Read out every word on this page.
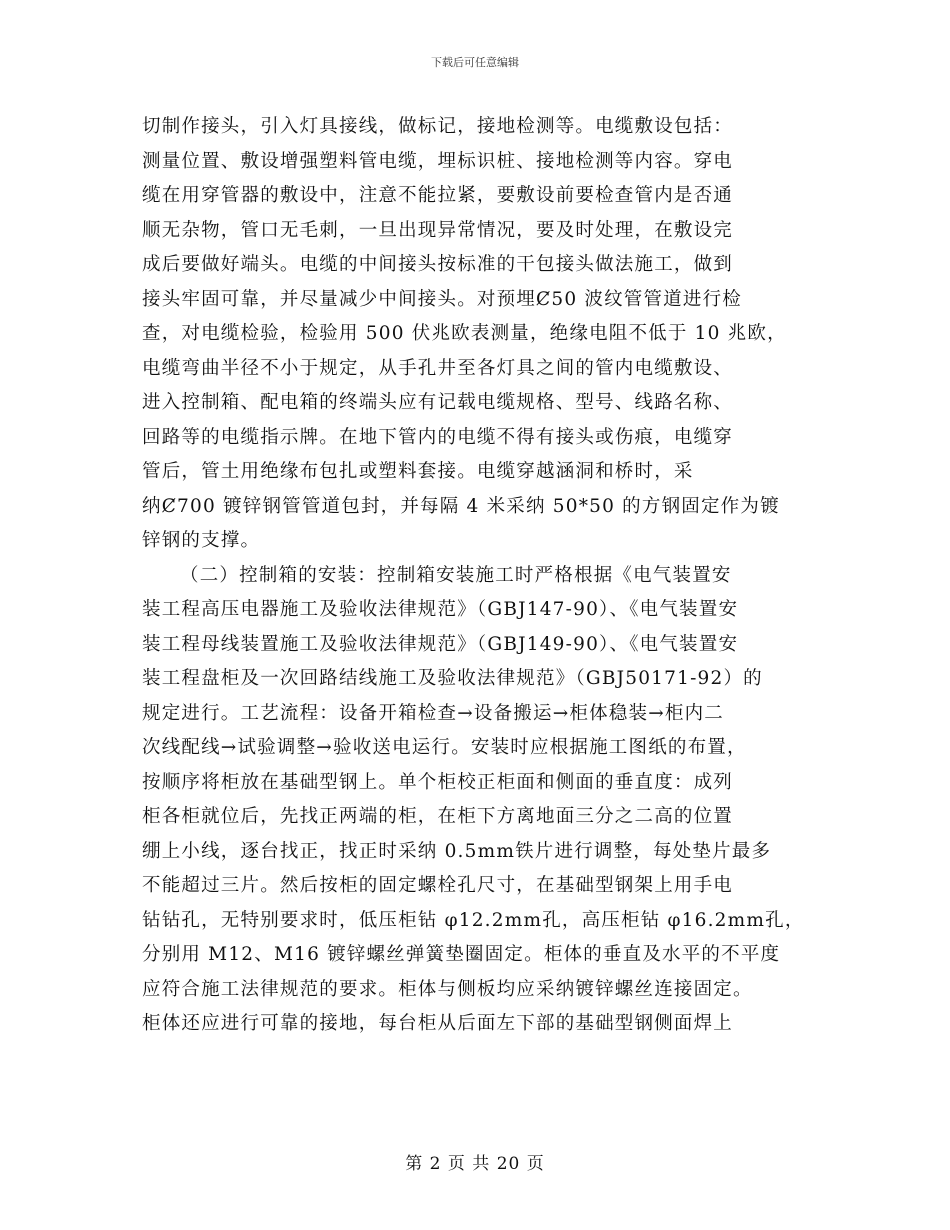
下载后可任意编辑
切制作接头，引入灯具接线，做标记，接地检测等。电缆敷设包括：
测量位置、敷设增强塑料管电缆，埋标识桩、接地检测等内容。穿电
缆在用穿管器的敷设中，注意不能拉紧，要敷设前要检查管内是否通
顺无杂物，管口无毛刺，一旦出现异常情况，要及时处理，在敷设完
成后要做好端头。电缆的中间接头按标准的干包接头做法施工，做到
接头牢固可靠，并尽量减少中间接头。对预埋Ȼ50 波纹管管道进行检
查，对电缆检验，检验用 500 伏兆欧表测量，绝缘电阻不低于 10 兆欧，
电缆弯曲半径不小于规定，从手孔井至各灯具之间的管内电缆敷设、
进入控制箱、配电箱的终端头应有记载电缆规格、型号、线路名称、
回路等的电缆指示牌。在地下管内的电缆不得有接头或伤痕，电缆穿
管后，管土用绝缘布包扎或塑料套接。电缆穿越涵洞和桥时，采
纳Ȼ700 镀锌钢管管道包封，并每隔 4 米采纳 50*50 的方钢固定作为镀
锌钢的支撑。
（二）控制箱的安装：控制箱安装施工时严格根据《电气装置安
装工程高压电器施工及验收法律规范》（GBJ147-90）、《电气装置安
装工程母线装置施工及验收法律规范》（GBJ149-90）、《电气装置安
装工程盘柜及一次回路结线施工及验收法律规范》（GBJ50171-92）的
规定进行。工艺流程：设备开箱检查→设备搬运→柜体稳装→柜内二
次线配线→试验调整→验收送电运行。安装时应根据施工图纸的布置，
按顺序将柜放在基础型钢上。单个柜校正柜面和侧面的垂直度：成列
柜各柜就位后，先找正两端的柜，在柜下方离地面三分之二高的位置
绷上小线，逐台找正，找正时采纳 0.5mm铁片进行调整，每处垫片最多
不能超过三片。然后按柜的固定螺栓孔尺寸，在基础型钢架上用手电
钻钻孔，无特别要求时，低压柜钻 φ12.2mm孔，高压柜钻 φ16.2mm孔，
分别用 M12、M16 镀锌螺丝弹簧垫圈固定。柜体的垂直及水平的不平度
应符合施工法律规范的要求。柜体与侧板均应采纳镀锌螺丝连接固定。
柜体还应进行可靠的接地，每台柜从后面左下部的基础型钢侧面焊上
第 2 页 共 20 页
